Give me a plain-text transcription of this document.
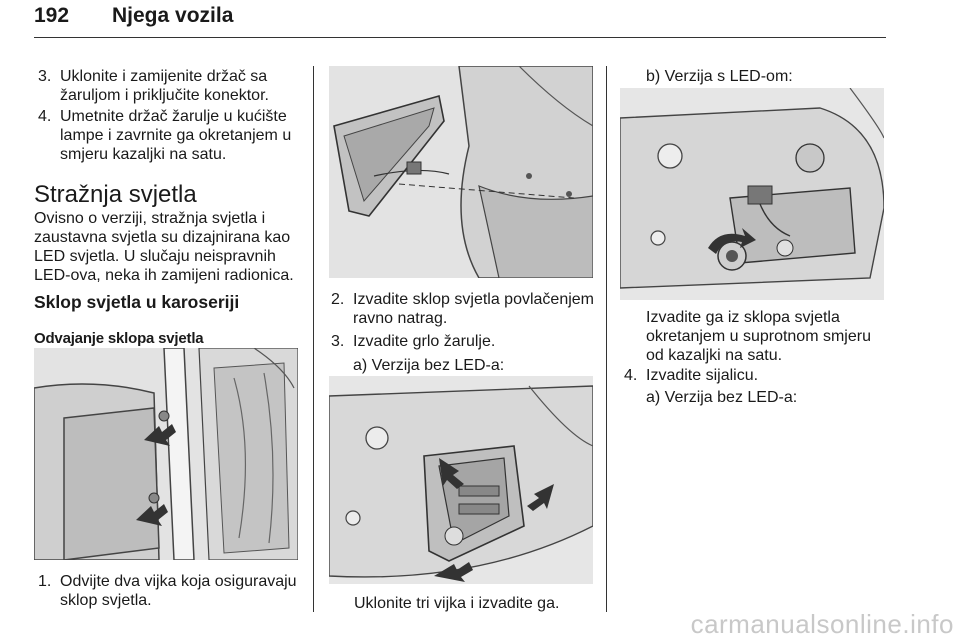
192 Njega vozila
3. Uklonite i zamijenite držač sa žaruljom i priključite konektor.
4. Umetnite držač žarulje u kućište lampe i zavrnite ga okretanjem u smjeru kazaljki na satu.
Stražnja svjetla
Ovisno o verziji, stražnja svjetla i zaustavna svjetla su dizajnirana kao LED svjetla. U slučaju neispravnih LED-ova, neka ih zamijeni radionica.
Sklop svjetla u karoseriji
Odvajanje sklopa svjetla
1. Odvijte dva vijka koja osiguravaju sklop svjetla.
2. Izvadite sklop svjetla povlačenjem ravno natrag.
3. Izvadite grlo žarulje.
a) Verzija bez LED-a:
Uklonite tri vijka i izvadite ga.
b) Verzija s LED-om:
Izvadite ga iz sklopa svjetla okretanjem u suprotnom smjeru od kazaljki na satu.
4. Izvadite sijalicu.
a) Verzija bez LED-a:
carmanualsonline.info
